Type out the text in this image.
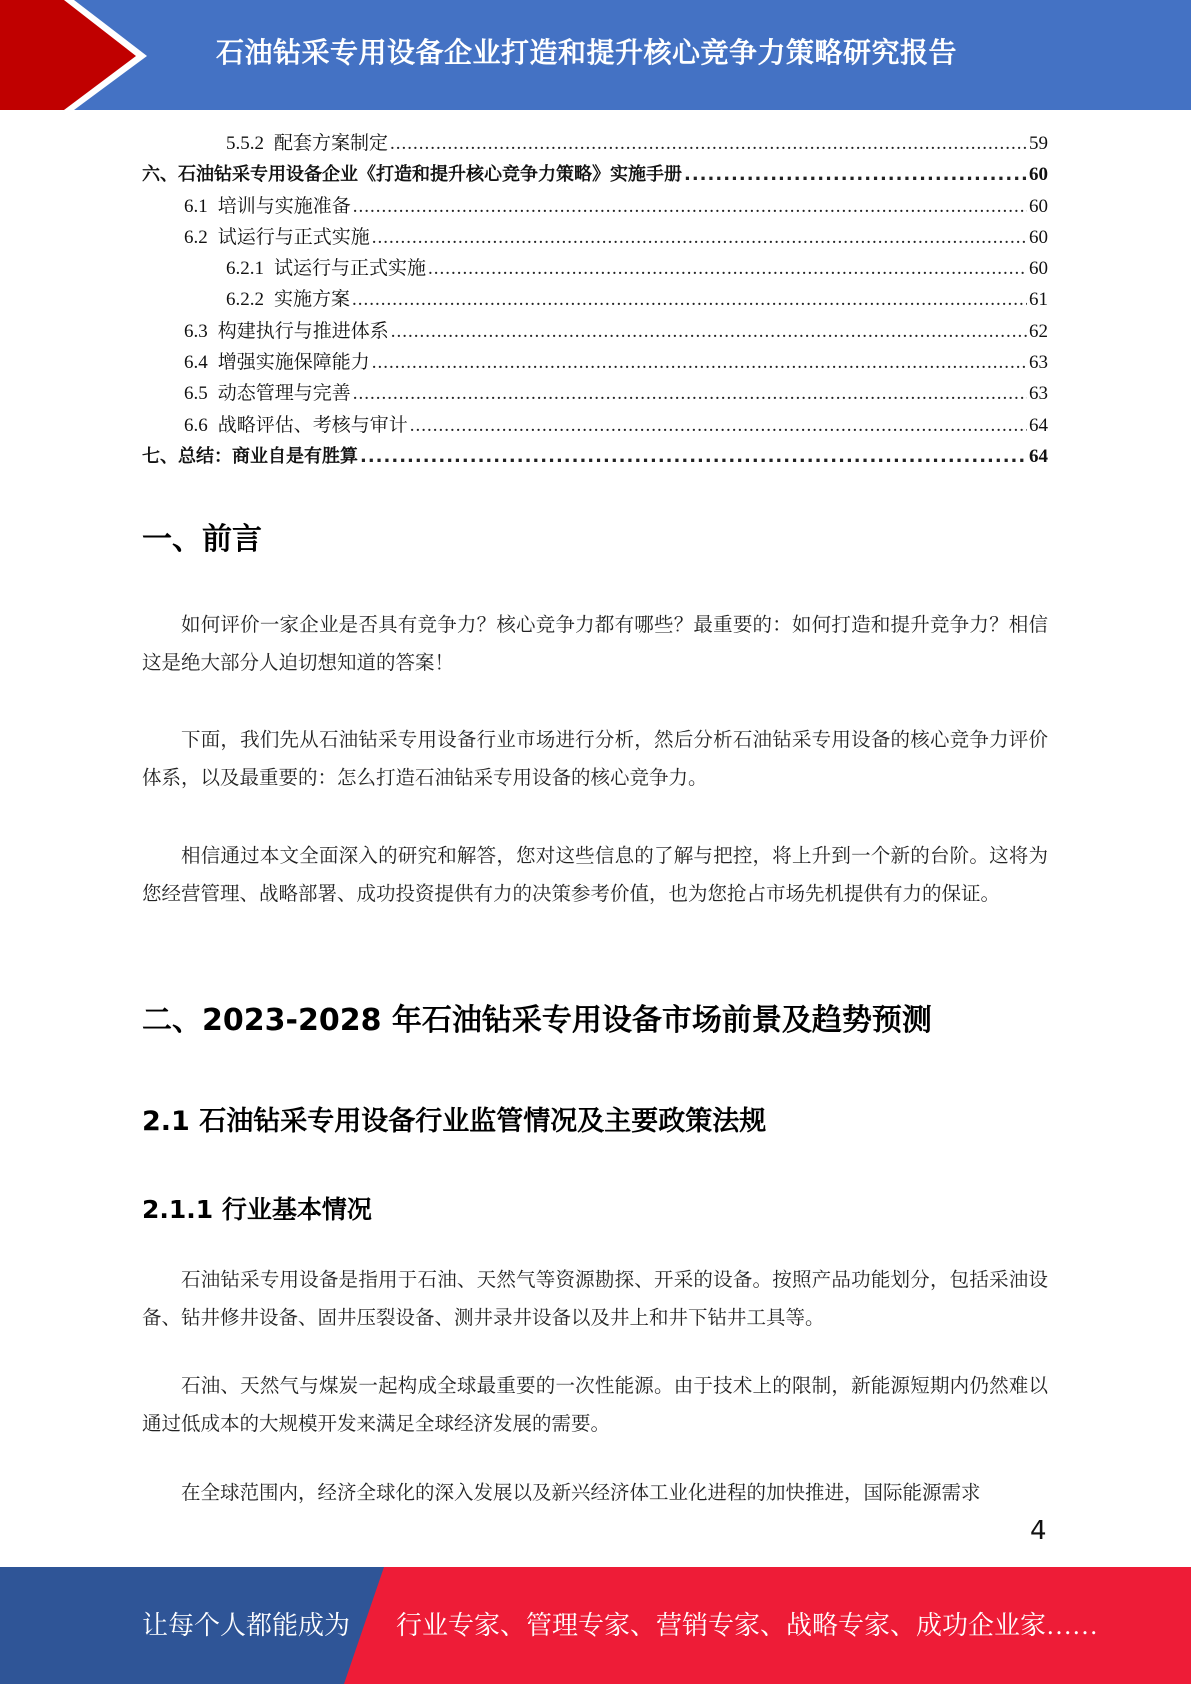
石油钻采专用设备企业打造和提升核心竞争力策略研究报告
5.5.2 配套方案制定 .....	59
六、石油钻采专用设备企业《打造和提升核心竞争力策略》实施手册 .....	60
6.1 培训与实施准备 .....	60
6.2 试运行与正式实施 .....	60
6.2.1 试运行与正式实施 .....	60
6.2.2 实施方案 .....	61
6.3 构建执行与推进体系 .....	62
6.4 增强实施保障能力 .....	63
6.5 动态管理与完善 .....	63
6.6 战略评估、考核与审计 .....	64
七、总结：商业自是有胜算 .....	64
一、前言
如何评价一家企业是否具有竞争力？核心竞争力都有哪些？最重要的：如何打造和提升竞争力？相信这是绝大部分人迫切想知道的答案！
下面，我们先从石油钻采专用设备行业市场进行分析，然后分析石油钻采专用设备的核心竞争力评价体系，以及最重要的：怎么打造石油钻采专用设备的核心竞争力。
相信通过本文全面深入的研究和解答，您对这些信息的了解与把控，将上升到一个新的台阶。这将为您经营管理、战略部署、成功投资提供有力的决策参考价值，也为您抢占市场先机提供有力的保证。
二、2023-2028 年石油钻采专用设备市场前景及趋势预测
2.1 石油钻采专用设备行业监管情况及主要政策法规
2.1.1 行业基本情况
石油钻采专用设备是指用于石油、天然气等资源勘探、开采的设备。按照产品功能划分，包括采油设备、钻井修井设备、固井压裂设备、测井录井设备以及井上和井下钻井工具等。
石油、天然气与煤炭一起构成全球最重要的一次性能源。由于技术上的限制，新能源短期内仍然难以通过低成本的大规模开发来满足全球经济发展的需要。
在全球范围内，经济全球化的深入发展以及新兴经济体工业化进程的加快推进，国际能源需求
4
让每个人都能成为 行业专家、管理专家、营销专家、战略专家、成功企业家……
